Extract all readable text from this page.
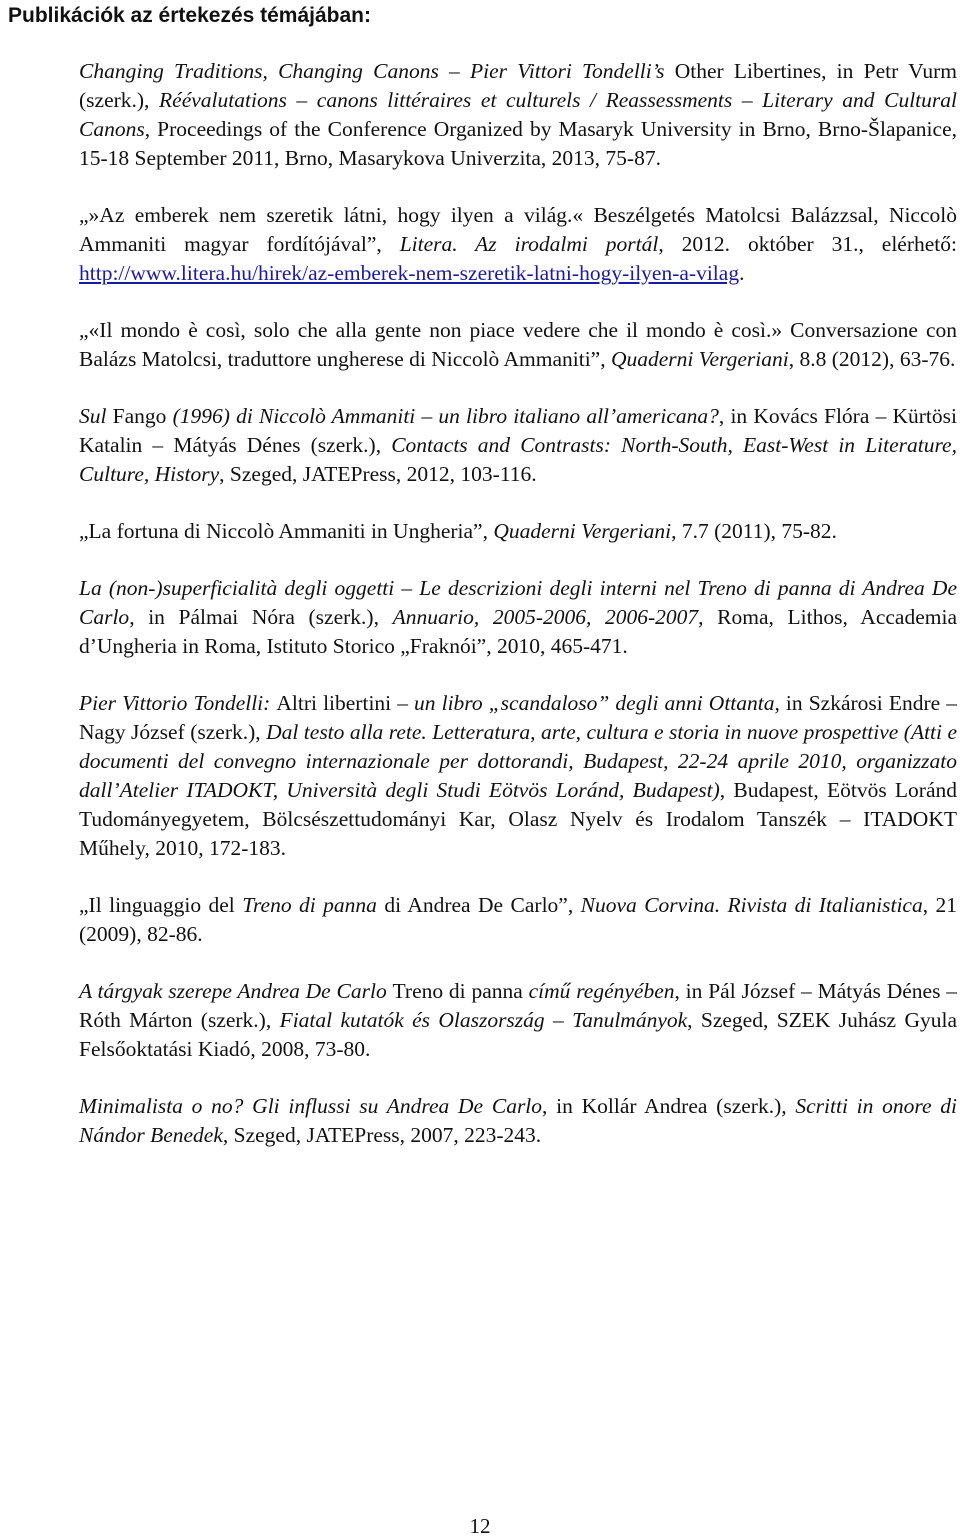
Publikációk az értekezés témájában:

Changing Traditions, Changing Canons – Pier Vittori Tondelli’s Other Libertines, in Petr Vurm (szerk.), Réévalutations – canons littéraires et culturels / Reassessments – Literary and Cultural Canons, Proceedings of the Conference Organized by Masaryk University in Brno, Brno-Šlapanice, 15-18 September 2011, Brno, Masarykova Univerzita, 2013, 75-87.

„»Az emberek nem szeretik látni, hogy ilyen a világ.« Beszélgetés Matolcsi Balázzsal, Niccolò Ammaniti magyar fordítójával”, Litera. Az irodalmi portál, 2012. október 31., elérhető: http://www.litera.hu/hirek/az-emberek-nem-szeretik-latni-hogy-ilyen-a-vilag.

„«Il mondo è così, solo che alla gente non piace vedere che il mondo è così.» Conversazione con Balázs Matolcsi, traduttore ungherese di Niccolò Ammaniti”, Quaderni Vergeriani, 8.8 (2012), 63-76.

Sul Fango (1996) di Niccolò Ammaniti – un libro italiano all’americana?, in Kovács Flóra – Kürtösi Katalin – Mátyás Dénes (szerk.), Contacts and Contrasts: North-South, East-West in Literature, Culture, History, Szeged, JATEPress, 2012, 103-116.

„La fortuna di Niccolò Ammaniti in Ungheria”, Quaderni Vergeriani, 7.7 (2011), 75-82.

La (non-)superficialità degli oggetti – Le descrizioni degli interni nel Treno di panna di Andrea De Carlo, in Pálmai Nóra (szerk.), Annuario, 2005-2006, 2006-2007, Roma, Lithos, Accademia d’Ungheria in Roma, Istituto Storico „Fraknói”, 2010, 465-471.

Pier Vittorio Tondelli: Altri libertini – un libro „scandaloso” degli anni Ottanta, in Szkárosi Endre – Nagy József (szerk.), Dal testo alla rete. Letteratura, arte, cultura e storia in nuove prospettive (Atti e documenti del convegno internazionale per dottorandi, Budapest, 22-24 aprile 2010, organizzato dall’Atelier ITADOKT, Università degli Studi Eötvös Loránd, Budapest), Budapest, Eötvös Loránd Tudományegyetem, Bölcsészettudományi Kar, Olasz Nyelv és Irodalom Tanszék – ITADOKT Műhely, 2010, 172-183.

„Il linguaggio del Treno di panna di Andrea De Carlo”, Nuova Corvina. Rivista di Italianistica, 21 (2009), 82-86.

A tárgyak szerepe Andrea De Carlo Treno di panna című regényében, in Pál József – Mátyás Dénes – Róth Márton (szerk.), Fiatal kutatók és Olaszország – Tanulmányok, Szeged, SZEK Juhász Gyula Felsőoktatási Kiadó, 2008, 73-80.

Minimalista o no? Gli influssi su Andrea De Carlo, in Kollár Andrea (szerk.), Scritti in onore di Nándor Benedek, Szeged, JATEPress, 2007, 223-243.

12
